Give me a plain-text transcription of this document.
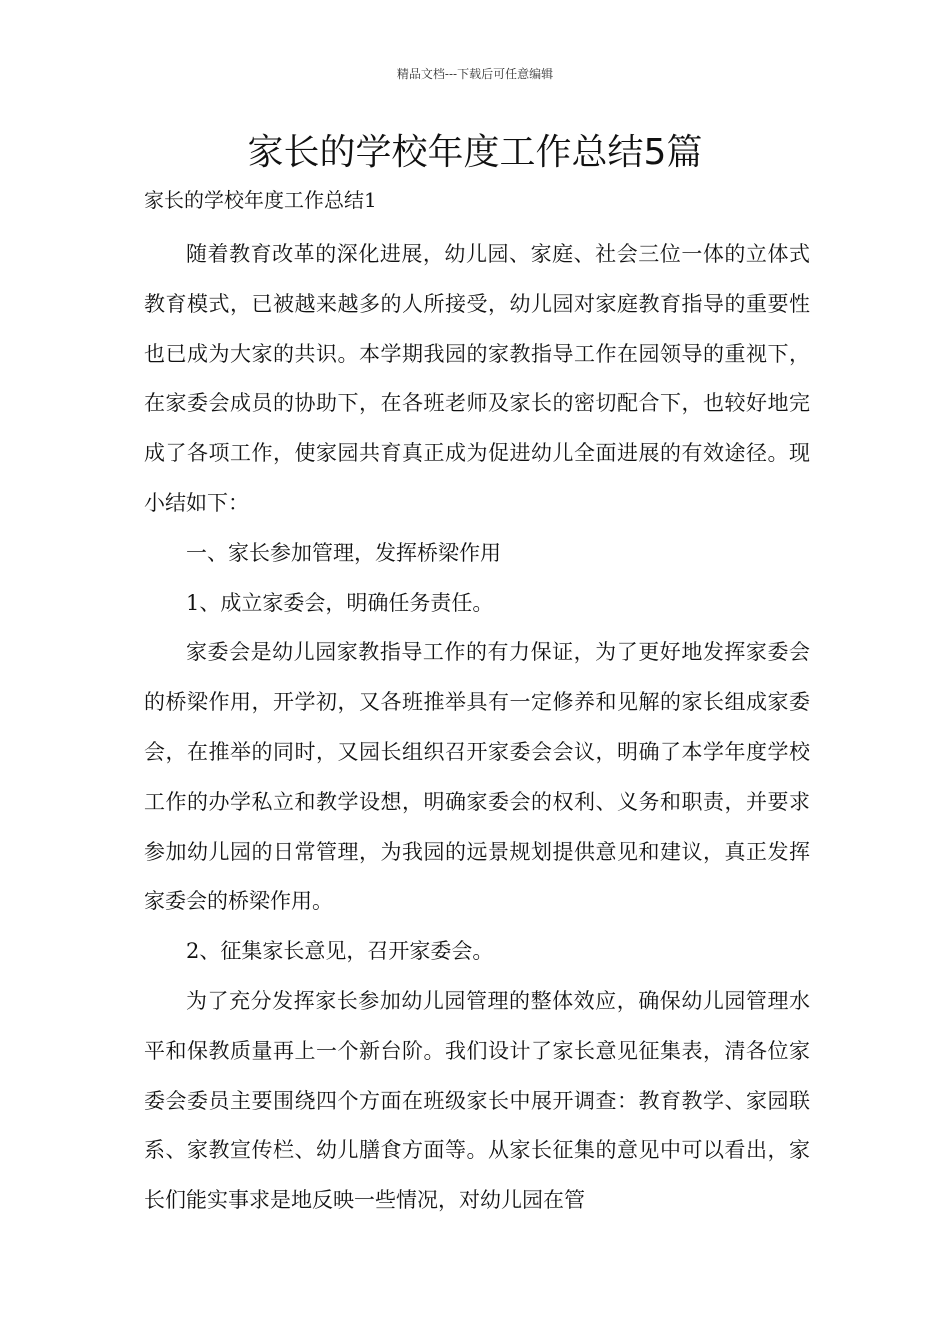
精品文档---下载后可任意编辑
家长的学校年度工作总结5篇

家长的学校年度工作总结1

随着教育改革的深化进展，幼儿园、家庭、社会三位一体的立体式教育模式，已被越来越多的人所接受，幼儿园对家庭教育指导的重要性也已成为大家的共识。本学期我园的家教指导工作在园领导的重视下，在家委会成员的协助下，在各班老师及家长的密切配合下，也较好地完成了各项工作，使家园共育真正成为促进幼儿全面进展的有效途径。现小结如下：

一、家长参加管理，发挥桥梁作用

1、成立家委会，明确任务责任。

家委会是幼儿园家教指导工作的有力保证，为了更好地发挥家委会的桥梁作用，开学初，又各班推举具有一定修养和见解的家长组成家委会，在推举的同时，又园长组织召开家委会会议，明确了本学年度学校工作的办学私立和教学设想，明确家委会的权利、义务和职责，并要求参加幼儿园的日常管理，为我园的远景规划提供意见和建议，真正发挥家委会的桥梁作用。

2、征集家长意见，召开家委会。

为了充分发挥家长参加幼儿园管理的整体效应，确保幼儿园管理水平和保教质量再上一个新台阶。我们设计了家长意见征集表，清各位家委会委员主要围绕四个方面在班级家长中展开调查：教育教学、家园联系、家教宣传栏、幼儿膳食方面等。从家长征集的意见中可以看出，家长们能实事求是地反映一些情况，对幼儿园在管
